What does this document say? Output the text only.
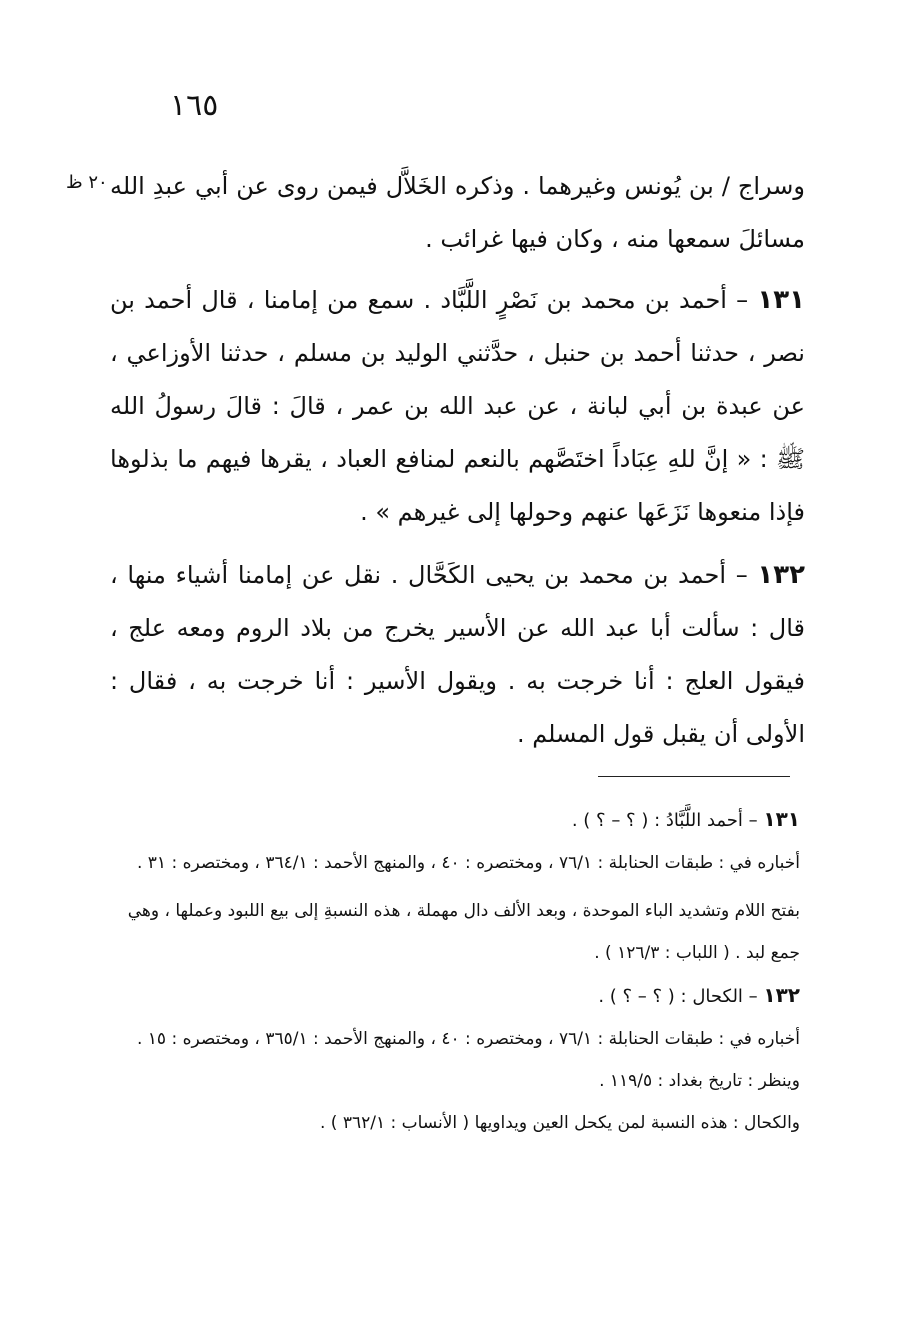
١٦٥
٢٠ ظ وسراج / بن يُونس وغيرهما . وذكره الخَلاَّل فيمن روى عن أبي عبدِ الله مسائلَ سمعها منه ، وكان فيها غرائب .

١٣١ – أحمد بن محمد بن نَصْرٍ اللَّبَّاد . سمع من إمامنا ، قال أحمد بن نصر ، حدثنا أحمد بن حنبل ، حدَّثني الوليد بن مسلم ، حدثنا الأوزاعي ، عن عبدة بن أبي لبانة ، عن عبد الله بن عمر ، قالَ : قالَ رسولُ الله ﷺ : « إنَّ للهِ عِبَاداً اختَصَّهم بالنعم لمنافع العباد ، يقرها فيهم ما بذلوها فإذا منعوها نَزَعَها عنهم وحولها إلى غيرهم » .

١٣٢ – أحمد بن محمد بن يحيى الكَحَّال . نقل عن إمامنا أشياء منها ، قال : سألت أبا عبد الله عن الأسير يخرج من بلاد الروم ومعه علج ، فيقول العلج : أنا خرجت به . ويقول الأسير : أنا خرجت به ، فقال : الأولى أن يقبل قول المسلم .

١٣١ – أحمد اللَّبَّادُ : ( ؟ – ؟ ) .

أخباره في : طبقات الحنابلة : ٧٦/١ ، ومختصره : ٤٠ ، والمنهج الأحمد : ٣٦٤/١ ، ومختصره : ٣١ .

بفتح اللام وتشديد الباء الموحدة ، وبعد الألف دال مهملة ، هذه النسبةِ إلى بيع اللبود وعملها ، وهي جمع لبد . ( اللباب : ١٢٦/٣ ) .

١٣٢ – الكحال : ( ؟ – ؟ ) .

أخباره في : طبقات الحنابلة : ٧٦/١ ، ومختصره : ٤٠ ، والمنهج الأحمد : ٣٦٥/١ ، ومختصره : ١٥ .

وينظر : تاريخ بغداد : ١١٩/٥ .

والكحال : هذه النسبة لمن يكحل العين ويداويها ( الأنساب : ٣٦٢/١ ) .
